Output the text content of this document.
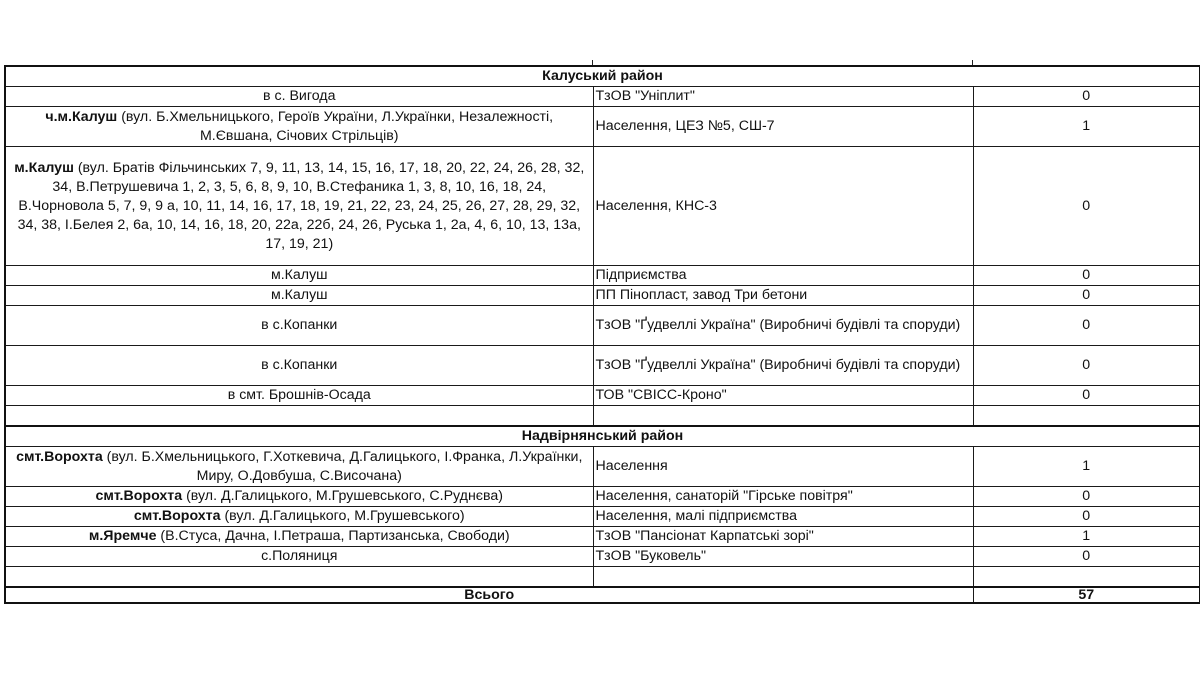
Калуський район		
в с. Вигода	ТзОВ "Уніплит"	0
ч.м.Калуш (вул. Б.Хмельницького, Героїв України, Л.Українки, Незалежності, М.Євшана, Січових Стрільців)	Населення, ЦЕЗ №5, СШ-7	1
м.Калуш (вул. Братів Фільчинських 7, 9, 11, 13, 14, 15, 16, 17, 18, 20, 22, 24, 26, 28, 32, 34, В.Петрушевича 1, 2, 3, 5, 6, 8, 9, 10, В.Стефаника 1, 3, 8, 10, 16, 18, 24, В.Чорновола 5, 7, 9, 9 а, 10, 11, 14, 16, 17, 18, 19, 21, 22, 23, 24, 25, 26, 27, 28, 29, 32, 34, 38, І.Белея 2, 6а, 10, 14, 16, 18, 20, 22а, 22б, 24, 26, Руська 1, 2а, 4, 6, 10, 13, 13а, 17, 19, 21)	Населення, КНС-3	0
м.Калуш	Підприємства	0
м.Калуш	ПП Пінопласт, завод Три бетони	0
в с.Копанки	ТзОВ "Ґудвеллі Україна" (Виробничі будівлі та споруди)	0
в с.Копанки	ТзОВ "Ґудвеллі Україна" (Виробничі будівлі та споруди)	0
в смт. Брошнів-Осада	ТОВ "СВІСС-Кроно"	0

Надвірнянський район		
смт.Ворохта (вул. Б.Хмельницького, Г.Хоткевича, Д.Галицького, І.Франка, Л.Українки, Миру, О.Довбуша, С.Височана)	Населення	1
смт.Ворохта (вул. Д.Галицького, М.Грушевського, С.Руднєва)	Населення, санаторій "Гірське повітря"	0
смт.Ворохта (вул. Д.Галицького, М.Грушевського)	Населення, малі підприємства	0
м.Яремче (В.Стуса, Дачна, І.Петраша, Партизанська, Свободи)	ТзОВ "Пансіонат Карпатські зорі"	1
с.Поляниця	ТзОВ "Буковель"	0

Всього		57
